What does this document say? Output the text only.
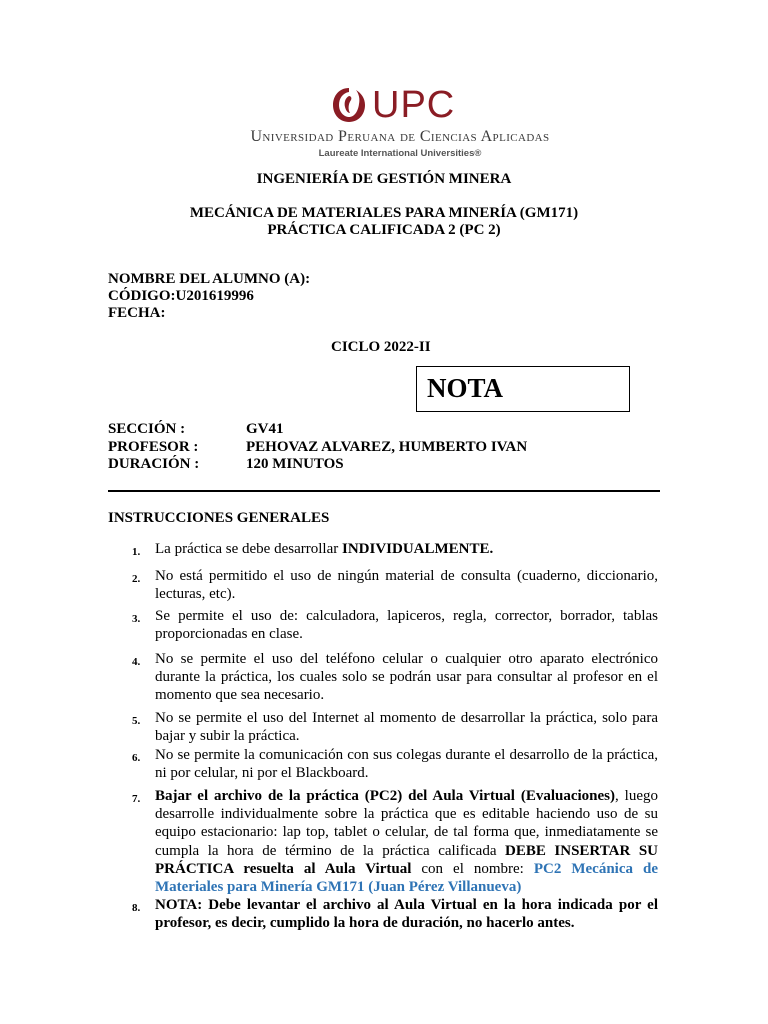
UPC
Universidad Peruana de Ciencias Aplicadas
Laureate International Universities®
INGENIERÍA DE GESTIÓN MINERA
MECÁNICA DE MATERIALES PARA MINERÍA (GM171)
PRÁCTICA CALIFICADA 2 (PC 2)
NOMBRE DEL ALUMNO (A):
CÓDIGO:U201619996
FECHA:
CICLO 2022-II
NOTA
SECCIÓN :	GV41
PROFESOR :	PEHOVAZ ALVAREZ, HUMBERTO IVAN
DURACIÓN :	120 MINUTOS
INSTRUCCIONES GENERALES
1. La práctica se debe desarrollar INDIVIDUALMENTE.
2. No está permitido el uso de ningún material de consulta (cuaderno, diccionario, lecturas, etc).
3. Se permite el uso de: calculadora, lapiceros, regla, corrector, borrador, tablas proporcionadas en clase.
4. No se permite el uso del teléfono celular o cualquier otro aparato electrónico durante la práctica, los cuales solo se podrán usar para consultar al profesor en el momento que sea necesario.
5. No se permite el uso del Internet al momento de desarrollar la práctica, solo para bajar y subir la práctica.
6. No se permite la comunicación con sus colegas durante el desarrollo de la práctica, ni por celular, ni por el Blackboard.
7. Bajar el archivo de la práctica (PC2) del Aula Virtual (Evaluaciones), luego desarrolle individualmente sobre la práctica que es editable haciendo uso de su equipo estacionario: lap top, tablet o celular, de tal forma que, inmediatamente se cumpla la hora de término de la práctica calificada DEBE INSERTAR SU PRÁCTICA resuelta al Aula Virtual con el nombre: PC2 Mecánica de Materiales para Minería GM171 (Juan Pérez Villanueva)
8. NOTA: Debe levantar el archivo al Aula Virtual en la hora indicada por el profesor, es decir, cumplido la hora de duración, no hacerlo antes.
